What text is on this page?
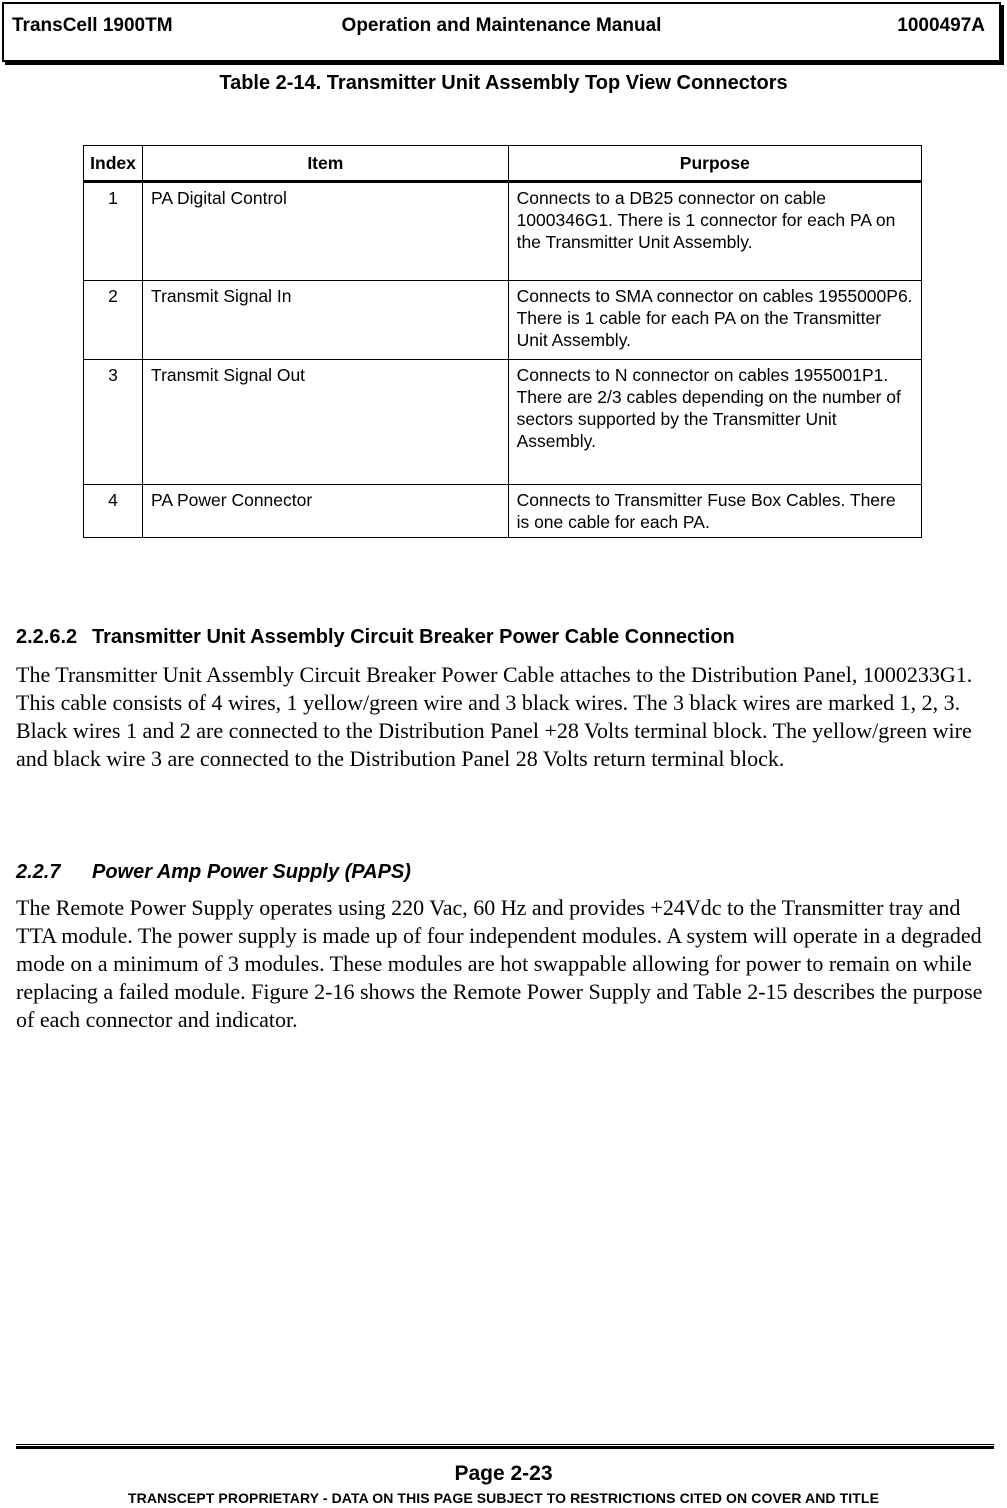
Operation and Maintenance Manual
TransCell 1900TM	1000497A
Table 2-14. Transmitter Unit Assembly Top View Connectors
Index	Item	Purpose
1	PA Digital Control	Connects to a DB25 connector on cable 1000346G1. There is 1 connector for each PA on the Transmitter Unit Assembly.
2	Transmit Signal In	Connects to SMA connector on cables 1955000P6. There is 1 cable for each PA on the Transmitter Unit Assembly.
3	Transmit Signal Out	Connects to N connector on cables 1955001P1. There are 2/3 cables depending on the number of sectors supported by the Transmitter Unit Assembly.
4	PA Power Connector	Connects to Transmitter Fuse Box Cables. There is one cable for each PA.
2.2.6.2 Transmitter Unit Assembly Circuit Breaker Power Cable Connection

The Transmitter Unit Assembly Circuit Breaker Power Cable attaches to the Distribution Panel, 1000233G1. This cable consists of 4 wires, 1 yellow/green wire and 3 black wires. The 3 black wires are marked 1, 2, 3. Black wires 1 and 2 are connected to the Distribution Panel +28 Volts terminal block. The yellow/green wire and black wire 3 are connected to the Distribution Panel 28 Volts return terminal block.

2.2.7 Power Amp Power Supply (PAPS)

The Remote Power Supply operates using 220 Vac, 60 Hz and provides +24Vdc to the Transmitter tray and TTA module. The power supply is made up of four independent modules. A system will operate in a degraded mode on a minimum of 3 modules. These modules are hot swappable allowing for power to remain on while replacing a failed module. Figure 2-16 shows the Remote Power Supply and Table 2-15 describes the purpose of each connector and indicator.

Page 2-23
TRANSCEPT PROPRIETARY - DATA ON THIS PAGE SUBJECT TO RESTRICTIONS CITED ON COVER AND TITLE
